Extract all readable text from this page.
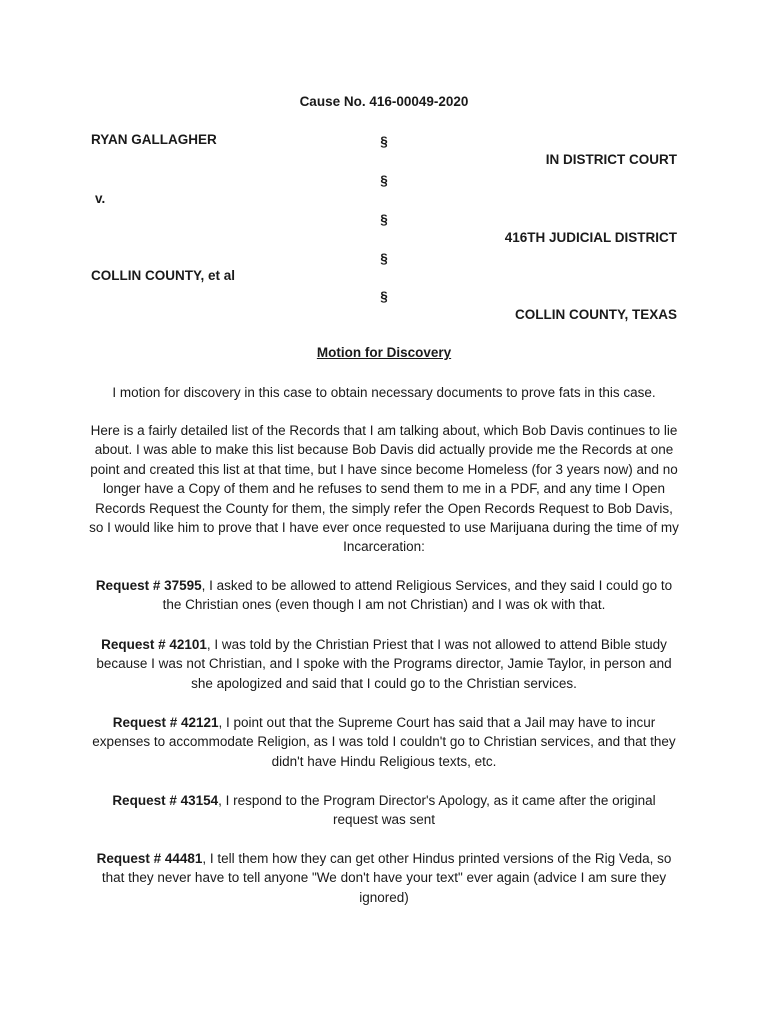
Cause No. 416-00049-2020
RYAN GALLAGHER
v.
COLLIN COUNTY, et al
§
§
§
§
§
IN DISTRICT COURT
416TH JUDICIAL DISTRICT
COLLIN COUNTY, TEXAS
Motion for Discovery
I motion for discovery in this case to obtain necessary documents to prove fats in this case.
Here is a fairly detailed list of the Records that I am talking about, which Bob Davis continues to lie about. I was able to make this list because Bob Davis did actually provide me the Records at one point and created this list at that time, but I have since become Homeless (for 3 years now) and no longer have a Copy of them and he refuses to send them to me in a PDF, and any time I Open Records Request the County for them, the simply refer the Open Records Request to Bob Davis, so I would like him to prove that I have ever once requested to use Marijuana during the time of my Incarceration:
Request # 37595, I asked to be allowed to attend Religious Services, and they said I could go to the Christian ones (even though I am not Christian) and I was ok with that.
Request # 42101, I was told by the Christian Priest that I was not allowed to attend Bible study because I was not Christian, and I spoke with the Programs director, Jamie Taylor, in person and she apologized and said that I could go to the Christian services.
Request # 42121, I point out that the Supreme Court has said that a Jail may have to incur expenses to accommodate Religion, as I was told I couldn't go to Christian services, and that they didn't have Hindu Religious texts, etc.
Request # 43154, I respond to the Program Director's Apology, as it came after the original request was sent
Request # 44481, I tell them how they can get other Hindus printed versions of the Rig Veda, so that they never have to tell anyone "We don't have your text" ever again (advice I am sure they ignored)
